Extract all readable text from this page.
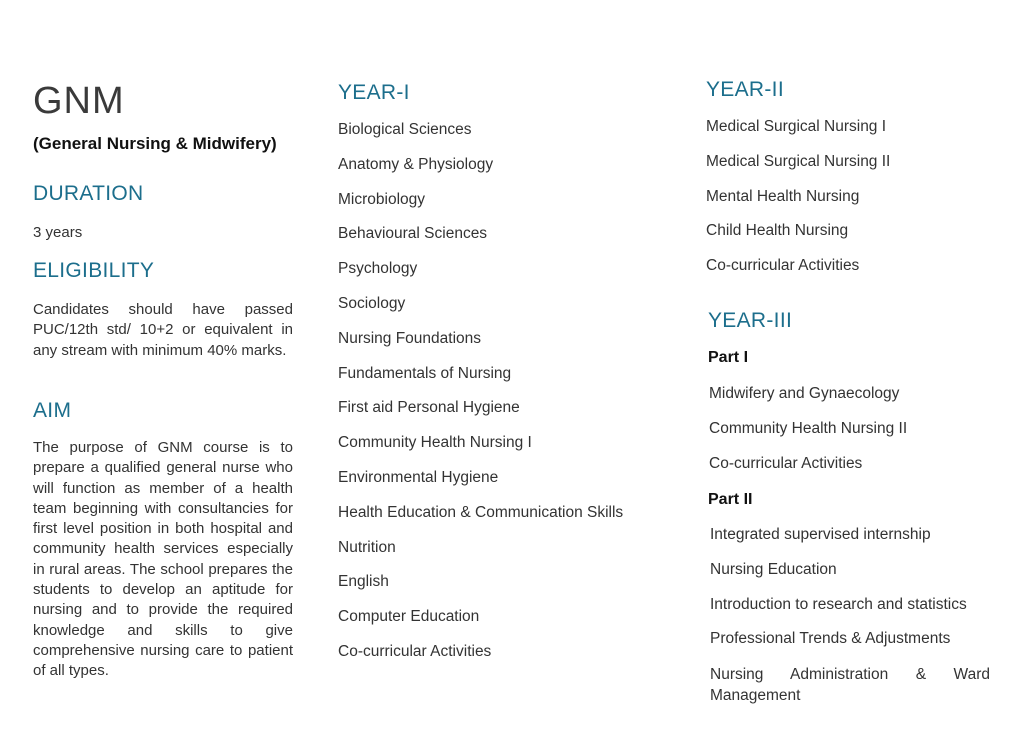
GNM

(General Nursing & Midwifery)

DURATION

3 years

ELIGIBILITY

Candidates should have passed PUC/12th std/ 10+2 or equivalent in any stream with minimum 40% marks.

AIM

The purpose of GNM course is to prepare a qualified general nurse who will function as member of a health team beginning with consultancies for first level position in both hospital and community health services especially in rural areas. The school prepares the students to develop an aptitude for nursing and to provide the required knowledge and skills to give comprehensive nursing care to patient of all types.

YEAR-I
Biological Sciences
Anatomy & Physiology
Microbiology
Behavioural Sciences
Psychology
Sociology
Nursing Foundations
Fundamentals of Nursing
First aid Personal Hygiene
Community Health Nursing I
Environmental Hygiene
Health Education & Communication Skills
Nutrition
English
Computer Education
Co-curricular Activities
YEAR-II
Medical Surgical Nursing I
Medical Surgical Nursing II
Mental Health Nursing
Child Health Nursing
Co-curricular Activities
YEAR-III

Part I

Midwifery and Gynaecology
Community Health Nursing II
Co-curricular Activities

Part II

Integrated supervised internship
Nursing Education
Introduction to research and statistics
Professional Trends & Adjustments

Nursing Administration & Ward Management
